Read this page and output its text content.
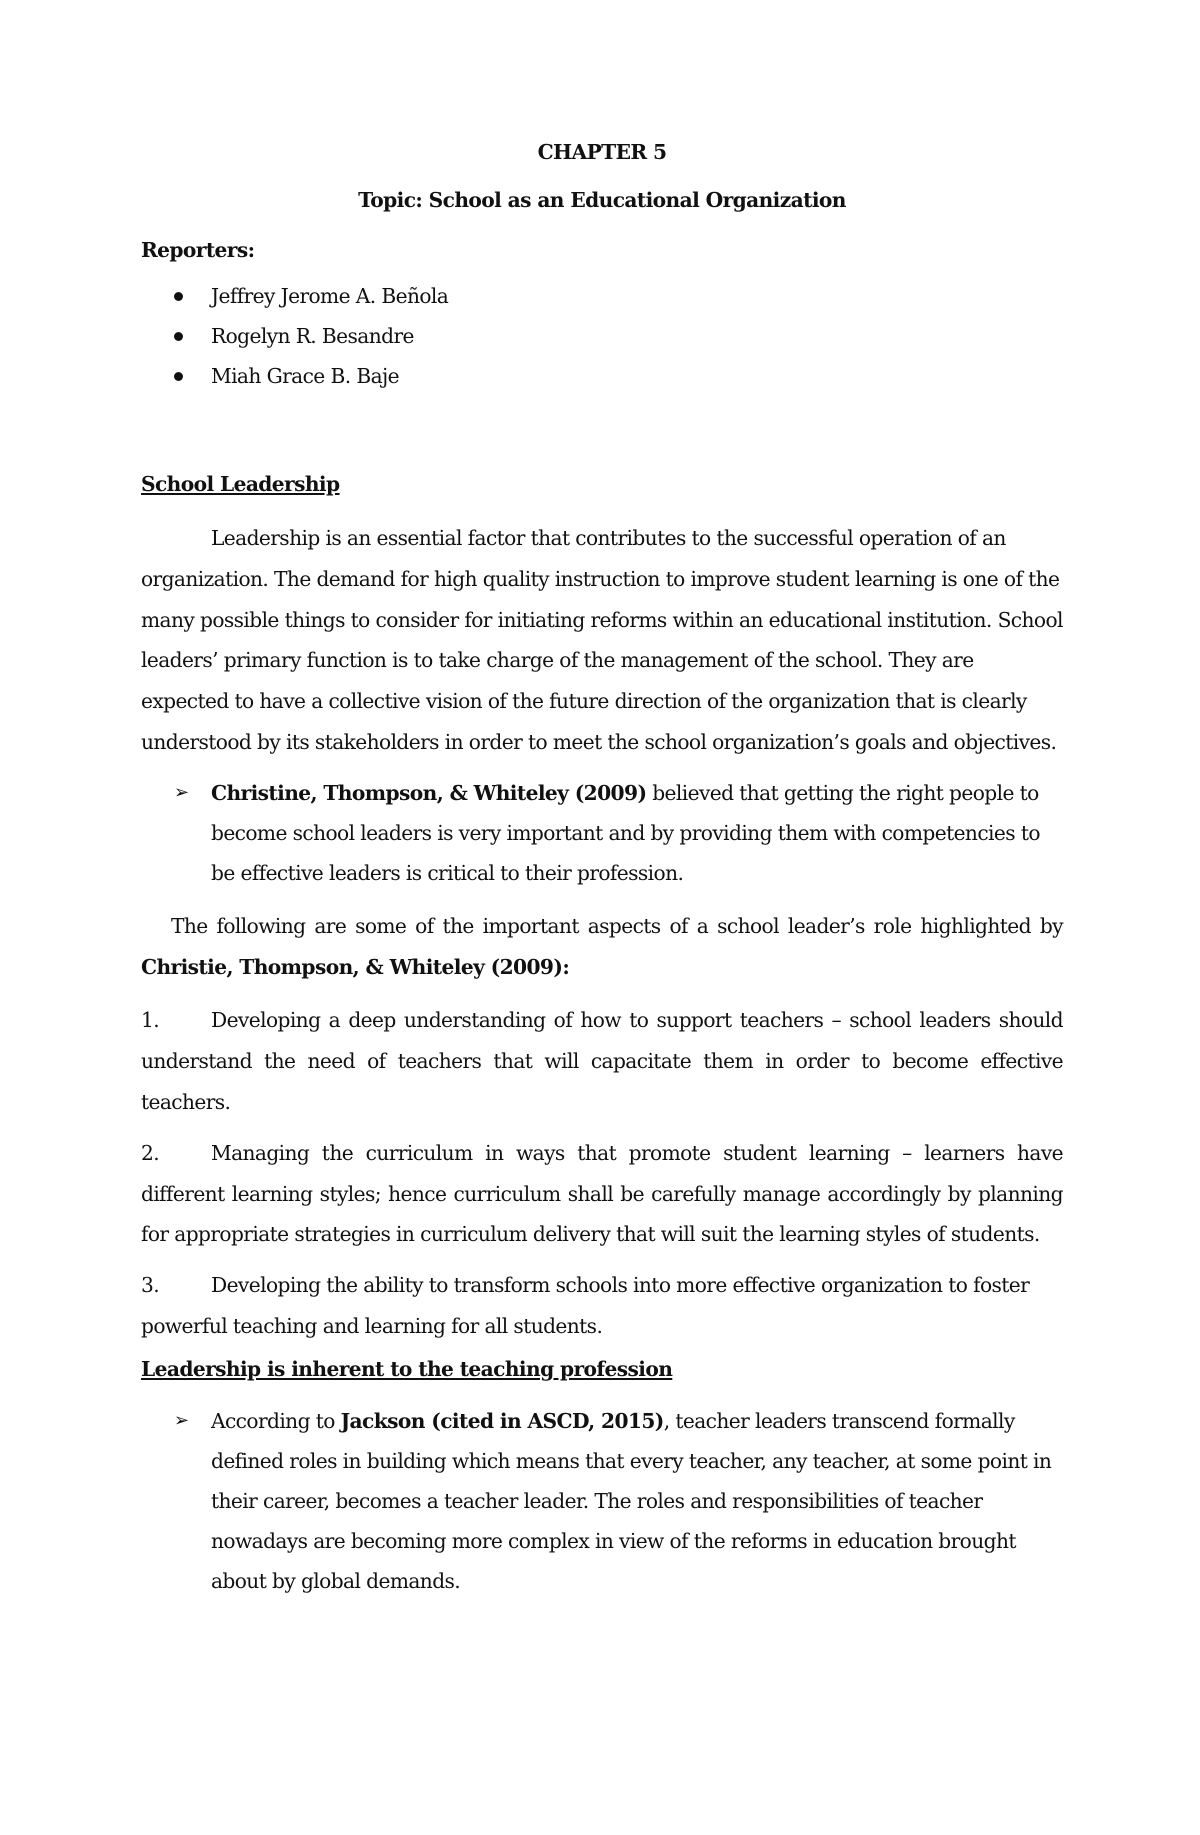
CHAPTER 5

Topic: School as an Educational Organization

Reporters:

Jeffrey Jerome A. Beñola
Rogelyn R. Besandre
Miah Grace B. Baje

School Leadership

Leadership is an essential factor that contributes to the successful operation of an organization. The demand for high quality instruction to improve student learning is one of the many possible things to consider for initiating reforms within an educational institution. School leaders’ primary function is to take charge of the management of the school. They are expected to have a collective vision of the future direction of the organization that is clearly understood by its stakeholders in order to meet the school organization’s goals and objectives.

➢ Christine, Thompson, & Whiteley (2009) believed that getting the right people to become school leaders is very important and by providing them with competencies to be effective leaders is critical to their profession.

The following are some of the important aspects of a school leader’s role highlighted by Christie, Thompson, & Whiteley (2009):

1.	Developing a deep understanding of how to support teachers – school leaders should understand the need of teachers that will capacitate them in order to become effective teachers.

2.	Managing the curriculum in ways that promote student learning – learners have different learning styles; hence curriculum shall be carefully manage accordingly by planning for appropriate strategies in curriculum delivery that will suit the learning styles of students.

3.	Developing the ability to transform schools into more effective organization to foster powerful teaching and learning for all students.

Leadership is inherent to the teaching profession

➢ According to Jackson (cited in ASCD, 2015), teacher leaders transcend formally defined roles in building which means that every teacher, any teacher, at some point in their career, becomes a teacher leader. The roles and responsibilities of teacher nowadays are becoming more complex in view of the reforms in education brought about by global demands.
